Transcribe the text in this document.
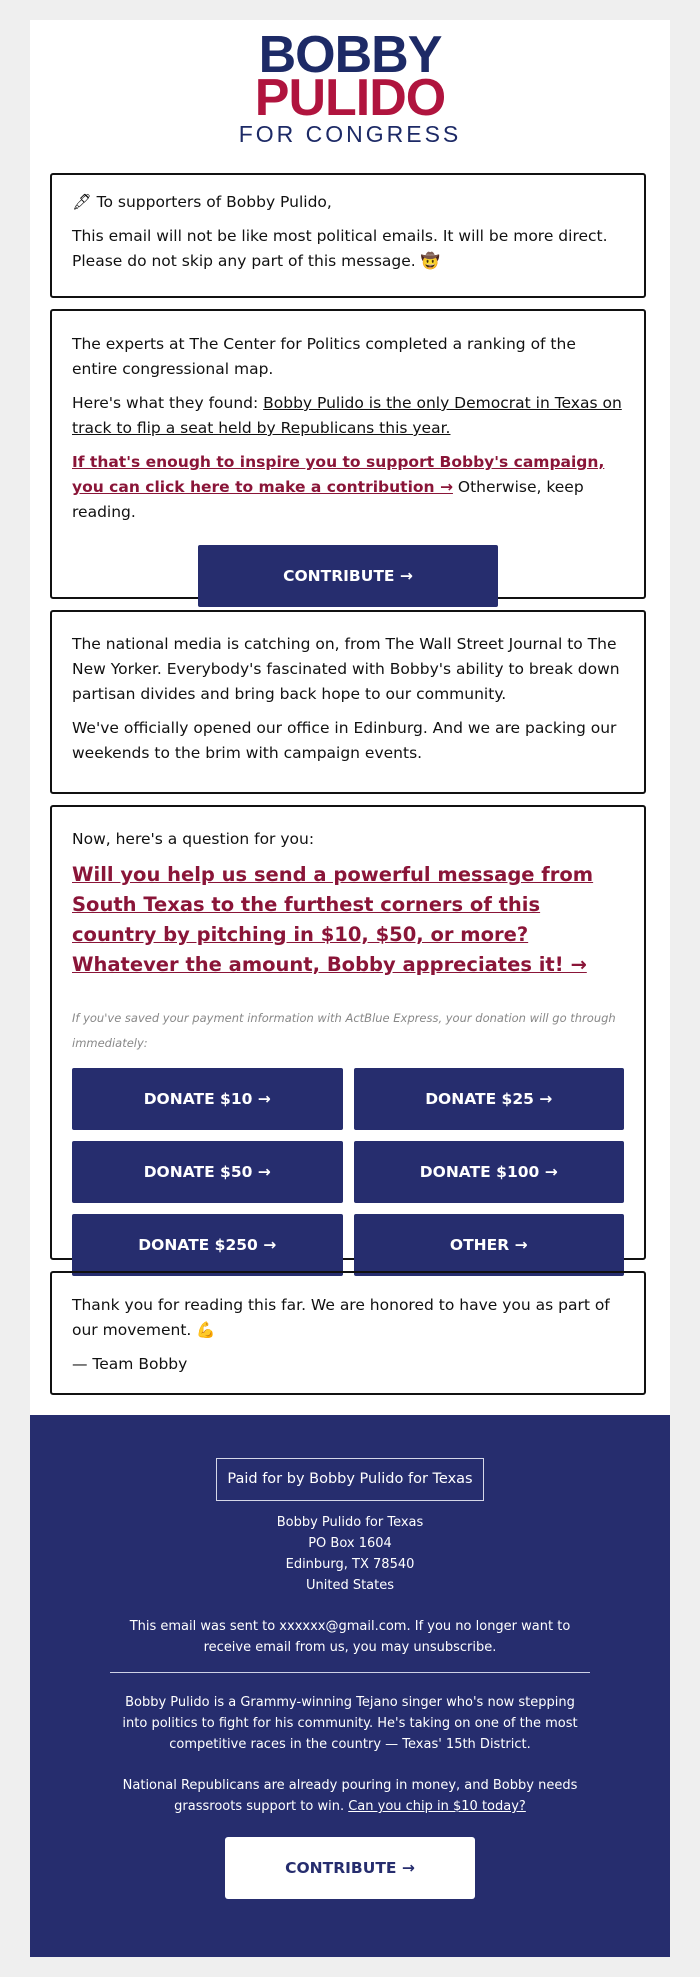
BOBBY
PULIDO
FOR CONGRESS

🖋 To supporters of Bobby Pulido,

This email will not be like most political emails. It will be more direct. Please do not skip any part of this message. 🤠

The experts at The Center for Politics completed a ranking of the entire congressional map.

Here's what they found: Bobby Pulido is the only Democrat in Texas on track to flip a seat held by Republicans this year.

If that's enough to inspire you to support Bobby's campaign, you can click here to make a contribution → Otherwise, keep reading.

CONTRIBUTE →

The national media is catching on, from The Wall Street Journal to The New Yorker. Everybody's fascinated with Bobby's ability to break down partisan divides and bring back hope to our community.

We've officially opened our office in Edinburg. And we are packing our weekends to the brim with campaign events.

Now, here's a question for you:

Will you help us send a powerful message from South Texas to the furthest corners of this country by pitching in $10, $50, or more? Whatever the amount, Bobby appreciates it! →

If you've saved your payment information with ActBlue Express, your donation will go through immediately:

DONATE $10 →	DONATE $25 →
DONATE $50 →	DONATE $100 →
DONATE $250 →	OTHER →

Thank you for reading this far. We are honored to have you as part of our movement. 💪

— Team Bobby

Paid for by Bobby Pulido for Texas

Bobby Pulido for Texas

PO Box 1604

Edinburg, TX 78540

United States

This email was sent to xxxxxx@gmail.com. If you no longer want to receive email from us, you may unsubscribe.

Bobby Pulido is a Grammy-winning Tejano singer who's now stepping into politics to fight for his community. He's taking on one of the most competitive races in the country — Texas' 15th District.

National Republicans are already pouring in money, and Bobby needs grassroots support to win. Can you chip in $10 today?

CONTRIBUTE →
